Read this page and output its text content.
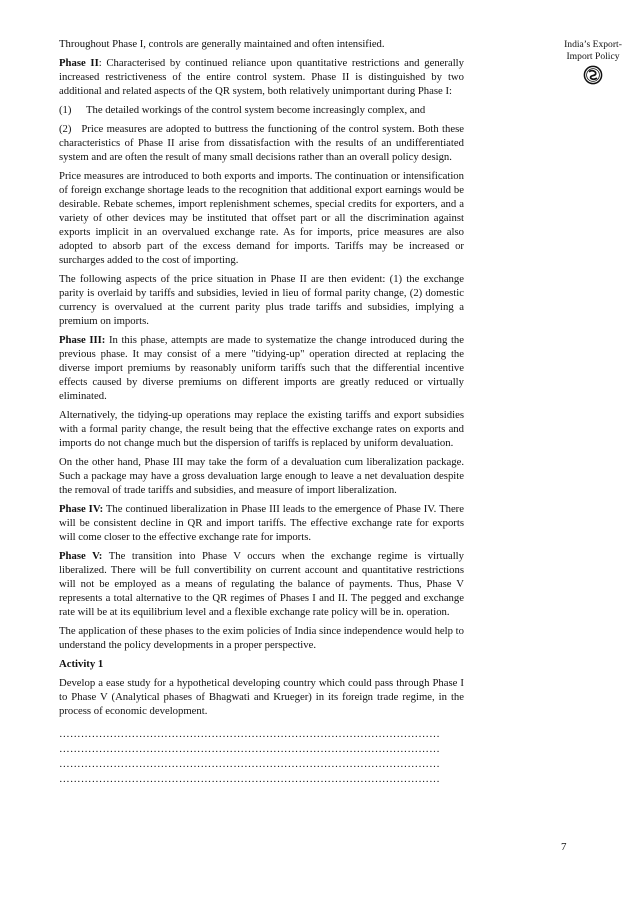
Throughout Phase I, controls are generally maintained and often intensified.

Phase II: Characterised by continued reliance upon quantitative restrictions and generally increased restrictiveness of the entire control system. Phase II is distinguished by two additional and related aspects of the QR system, both relatively unimportant during Phase I:

(1)	The detailed workings of the control system become increasingly complex, and

(2)   Price measures are adopted to buttress the functioning of the control system. Both these characteristics of Phase II arise from dissatisfaction with the results of an undifferentiated system and are often the result of many small decisions rather than an overall policy design.

Price measures are introduced to both exports and imports. The continuation or intensification of foreign exchange shortage leads to the recognition that additional export earnings would be desirable. Rebate schemes, import replenishment schemes, special credits for exporters, and a variety of other devices may be instituted that offset part or all the discrimination against exports implicit in an overvalued exchange rate. As for imports, price measures are also adopted to absorb part of the excess demand for imports. Tariffs may be increased or surcharges added to the cost of importing.

The following aspects of the price situation in Phase II are then evident: (1) the exchange parity is overlaid by tariffs and subsidies, levied in lieu of formal parity change, (2) domestic currency is overvalued at the current parity plus trade tariffs and subsidies, implying a premium on imports.

Phase III: In this phase, attempts are made to systematize the change introduced during the previous phase. It may consist of a mere "tidying-up" operation directed at replacing the diverse import premiums by reasonably uniform tariffs such that the differential incentive effects caused by diverse premiums on different imports are greatly reduced or virtually eliminated.

Alternatively, the tidying-up operations may replace the existing tariffs and export subsidies with a formal parity change, the result being that the effective exchange rates on exports and imports do not change much but the dispersion of tariffs is replaced by uniform devaluation.

On the other hand, Phase III may take the form of a devaluation cum liberalization package. Such a package may have a gross devaluation large enough to leave a net devaluation despite the removal of trade tariffs and subsidies, and measure of import liberalization.

Phase IV: The continued liberalization in Phase III leads to the emergence of Phase IV. There will be consistent decline in QR and import tariffs. The effective exchange rate for exports will come closer to the effective exchange rate for imports.

Phase V: The transition into Phase V occurs when the exchange regime is virtually liberalized. There will be full convertibility on current account and quantitative restrictions will not be employed as a means of regulating the balance of payments. Thus, Phase V represents a total alternative to the QR regimes of Phases I and II. The pegged and exchange rate will be at its equilibrium level and a flexible exchange rate policy will be in. operation.

The application of these phases to the exim policies of India since independence would help to understand the policy developments in a proper perspective.

Activity 1

Develop a ease study for a hypothetical developing country which could pass through Phase I to Phase V (Analytical phases of Bhagwati and Krueger) in its foreign trade regime, in the process of economic development.

……………………………………………………………………………………………
……………………………………………………………………………………………
……………………………………………………………………………………………
……………………………………………………………………………………………
India’s Export-
Import Policy
7
